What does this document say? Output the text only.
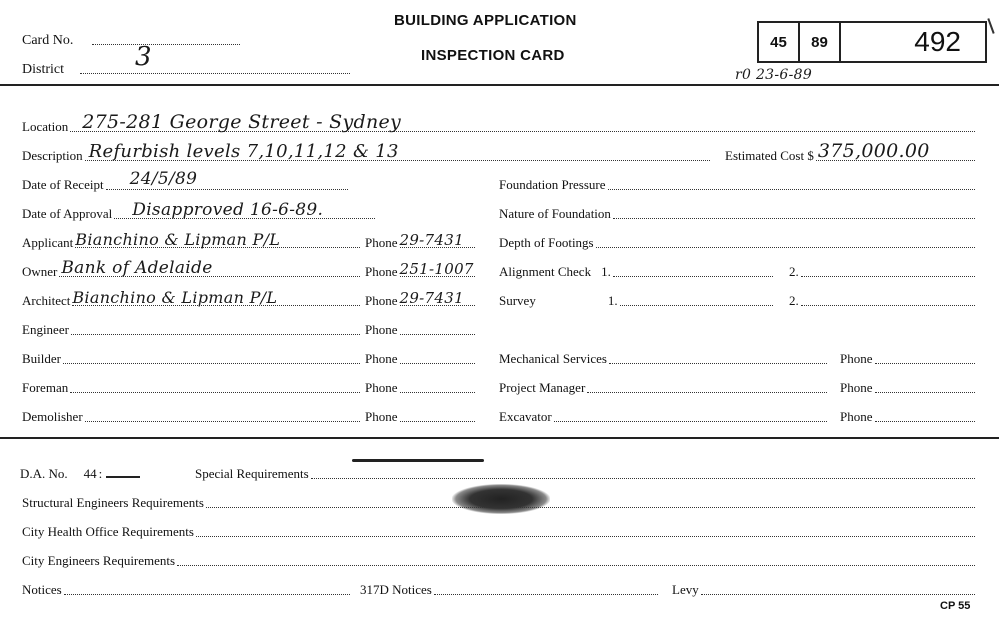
Card No.
District	3
BUILDING APPLICATION
INSPECTION CARD
45 89	492
r0 23-6-89
Location 275-281 George Street - Sydney
Description Refurbish levels 7,10,11,12 & 13	Estimated Cost $ 375,000.00
Date of Receipt 24/5/89	Foundation Pressure
Date of Approval Disapproved 16-6-89.	Nature of Foundation
Applicant Bianchino & Lipman P/L	Phone 29-7431	Depth of Footings
Owner Bank of Adelaide	Phone 251-1007 Alignment Check 1.	2.
Architect Bianchino & Lipman P/L	Phone 29-7431	Survey	1.	2.
Engineer	Phone
Builder	Phone	Mechanical Services	Phone
Foreman	Phone	Project Manager	Phone
Demolisher	Phone	Excavator	Phone
D.A. No. 44 :	Special Requirements
Structural Engineers Requirements
City Health Office Requirements
City Engineers Requirements
Notices	317D Notices	Levy
CP 55
